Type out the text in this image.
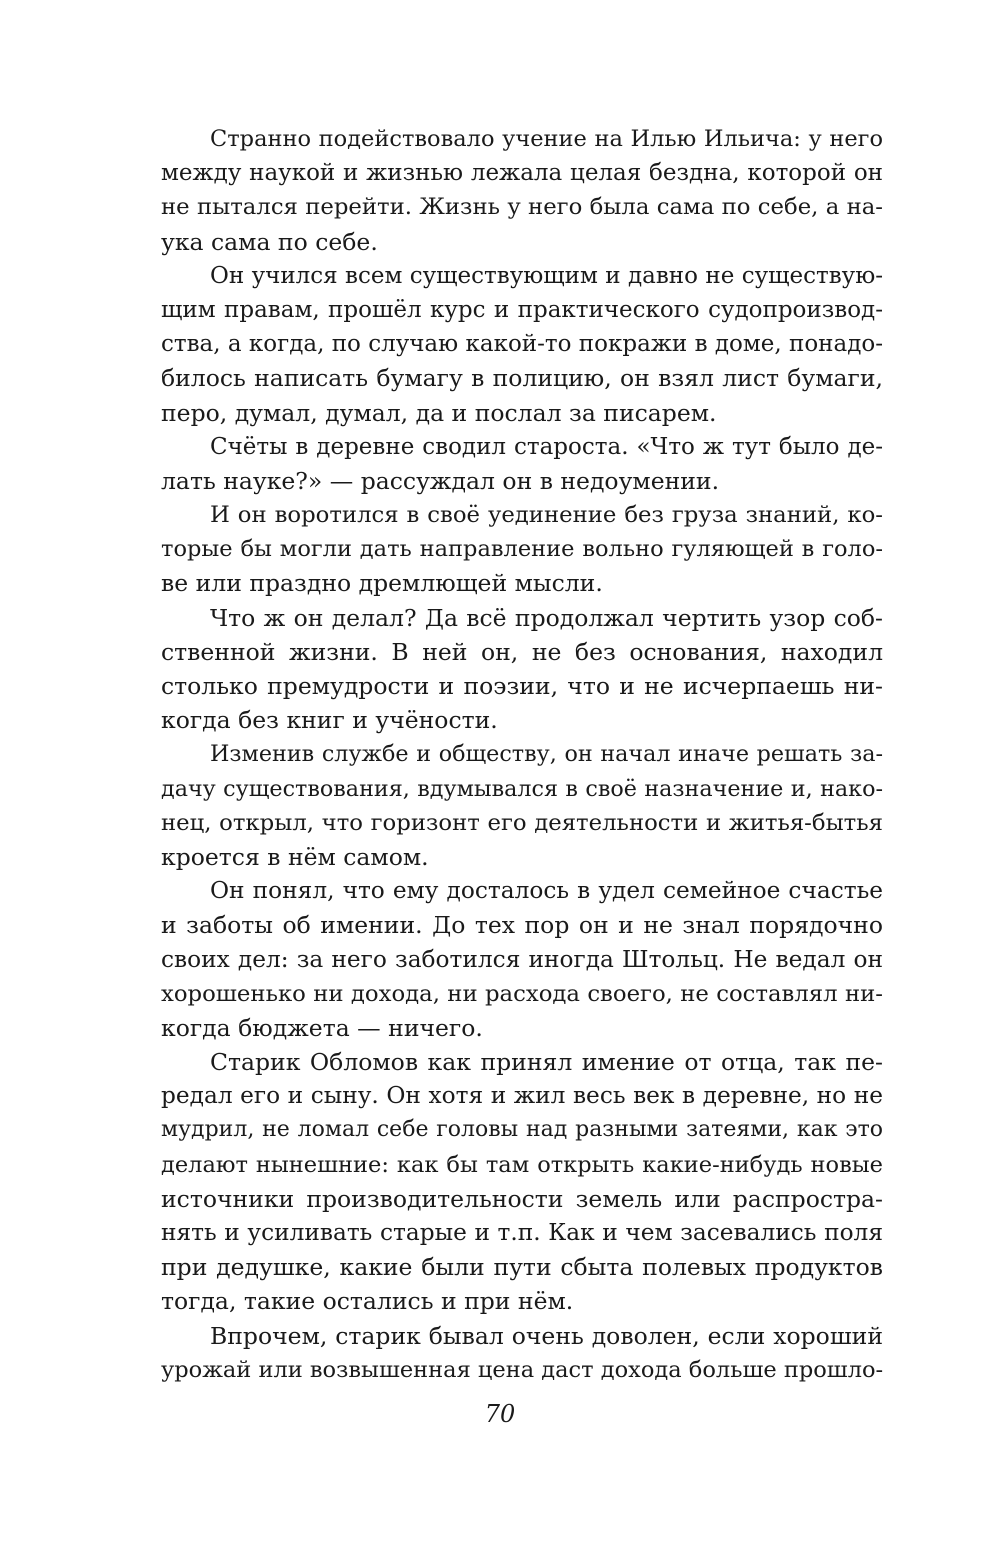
Странно подействовало учение на Илью Ильича: у него
между наукой и жизнью лежала целая бездна, которой он
не пытался перейти. Жизнь у него была сама по себе, а на-
ука сама по себе.
Он учился всем существующим и давно не существую-
щим правам, прошёл курс и практического судопроизвод-
ства, а когда, по случаю какой-то покражи в доме, понадо-
билось написать бумагу в полицию, он взял лист бумаги,
перо, думал, думал, да и послал за писарем.
Счёты в деревне сводил староста. «Что ж тут было де-
лать науке?» — рассуждал он в недоумении.
И он воротился в своё уединение без груза знаний, ко-
торые бы могли дать направление вольно гуляющей в голо-
ве или праздно дремлющей мысли.
Что ж он делал? Да всё продолжал чертить узор соб-
ственной жизни. В ней он, не без основания, находил
столько премудрости и поэзии, что и не исчерпаешь ни-
когда без книг и учёности.
Изменив службе и обществу, он начал иначе решать за-
дачу существования, вдумывался в своё назначение и, нако-
нец, открыл, что горизонт его деятельности и житья-бытья
кроется в нём самом.
Он понял, что ему досталось в удел семейное счастье
и заботы об имении. До тех пор он и не знал порядочно
своих дел: за него заботился иногда Штольц. Не ведал он
хорошенько ни дохода, ни расхода своего, не составлял ни-
когда бюджета — ничего.
Старик Обломов как принял имение от отца, так пе-
редал его и сыну. Он хотя и жил весь век в деревне, но не
мудрил, не ломал себе головы над разными затеями, как это
делают нынешние: как бы там открыть какие-нибудь новые
источники производительности земель или распростра-
нять и усиливать старые и т.п. Как и чем засевались поля
при дедушке, какие были пути сбыта полевых продуктов
тогда, такие остались и при нём.
Впрочем, старик бывал очень доволен, если хороший
урожай или возвышенная цена даст дохода больше прошло-
70
